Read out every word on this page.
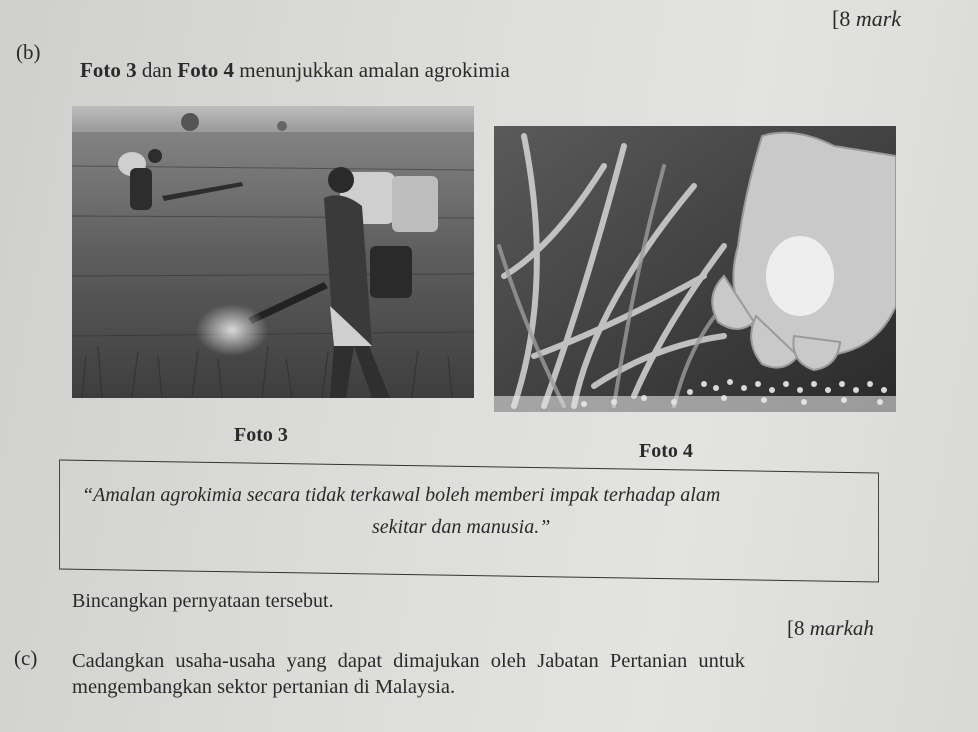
[8 mark
(b)
Foto 3 dan Foto 4 menunjukkan amalan agrokimia
Foto 3
Foto 4
“Amalan agrokimia secara tidak terkawal boleh memberi impak terhadap alam
sekitar dan manusia.”
Bincangkan pernyataan tersebut.
[8 markah
(c) Cadangkan usaha-usaha yang dapat dimajukan oleh Jabatan Pertanian untuk
mengembangkan sektor pertanian di Malaysia.
